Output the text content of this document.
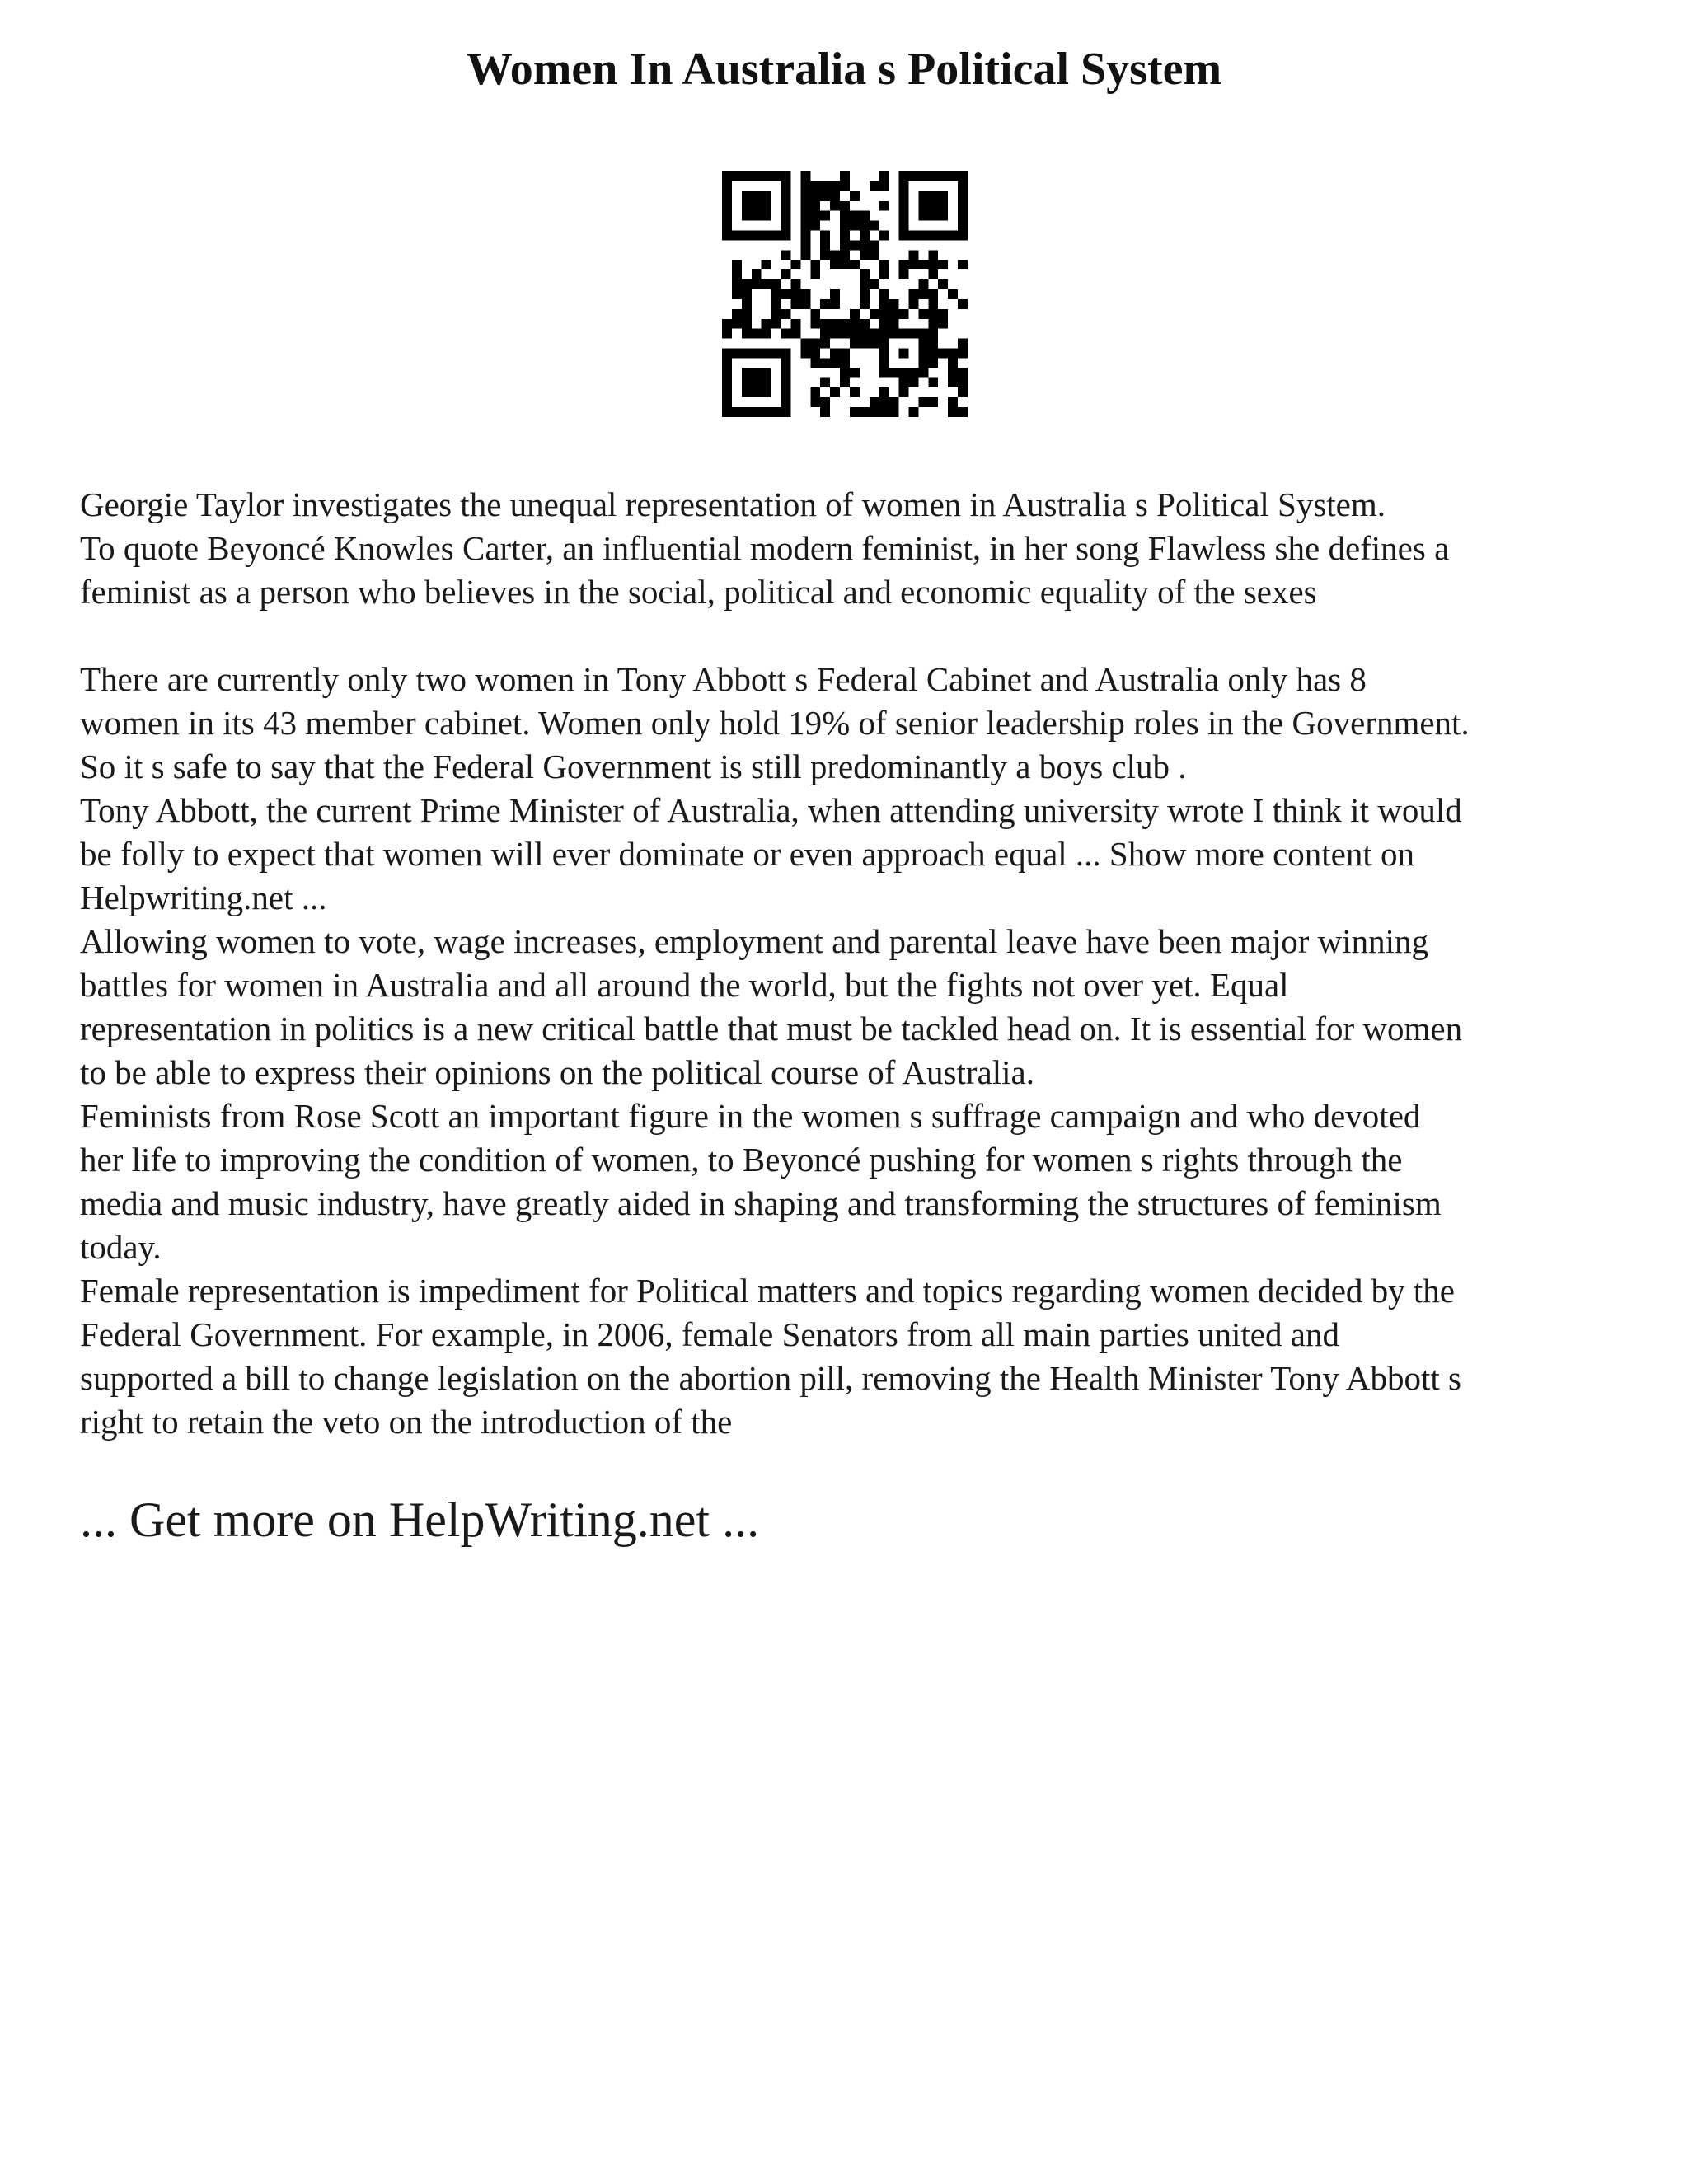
Women In Australia s Political System

Georgie Taylor investigates the unequal representation of women in Australia s Political System.

To quote Beyoncé Knowles Carter, an influential modern feminist, in her song Flawless she defines a
feminist as a person who believes in the social, political and economic equality of the sexes

There are currently only two women in Tony Abbott s Federal Cabinet and Australia only has 8
women in its 43 member cabinet. Women only hold 19% of senior leadership roles in the Government.
So it s safe to say that the Federal Government is still predominantly a boys club .

Tony Abbott, the current Prime Minister of Australia, when attending university wrote I think it would
be folly to expect that women will ever dominate or even approach equal ... Show more content on
Helpwriting.net ...

Allowing women to vote, wage increases, employment and parental leave have been major winning
battles for women in Australia and all around the world, but the fights not over yet. Equal
representation in politics is a new critical battle that must be tackled head on. It is essential for women
to be able to express their opinions on the political course of Australia.

Feminists from Rose Scott an important figure in the women s suffrage campaign and who devoted
her life to improving the condition of women, to Beyoncé pushing for women s rights through the
media and music industry, have greatly aided in shaping and transforming the structures of feminism
today.

Female representation is impediment for Political matters and topics regarding women decided by the
Federal Government. For example, in 2006, female Senators from all main parties united and
supported a bill to change legislation on the abortion pill, removing the Health Minister Tony Abbott s
right to retain the veto on the introduction of the

... Get more on HelpWriting.net ...
